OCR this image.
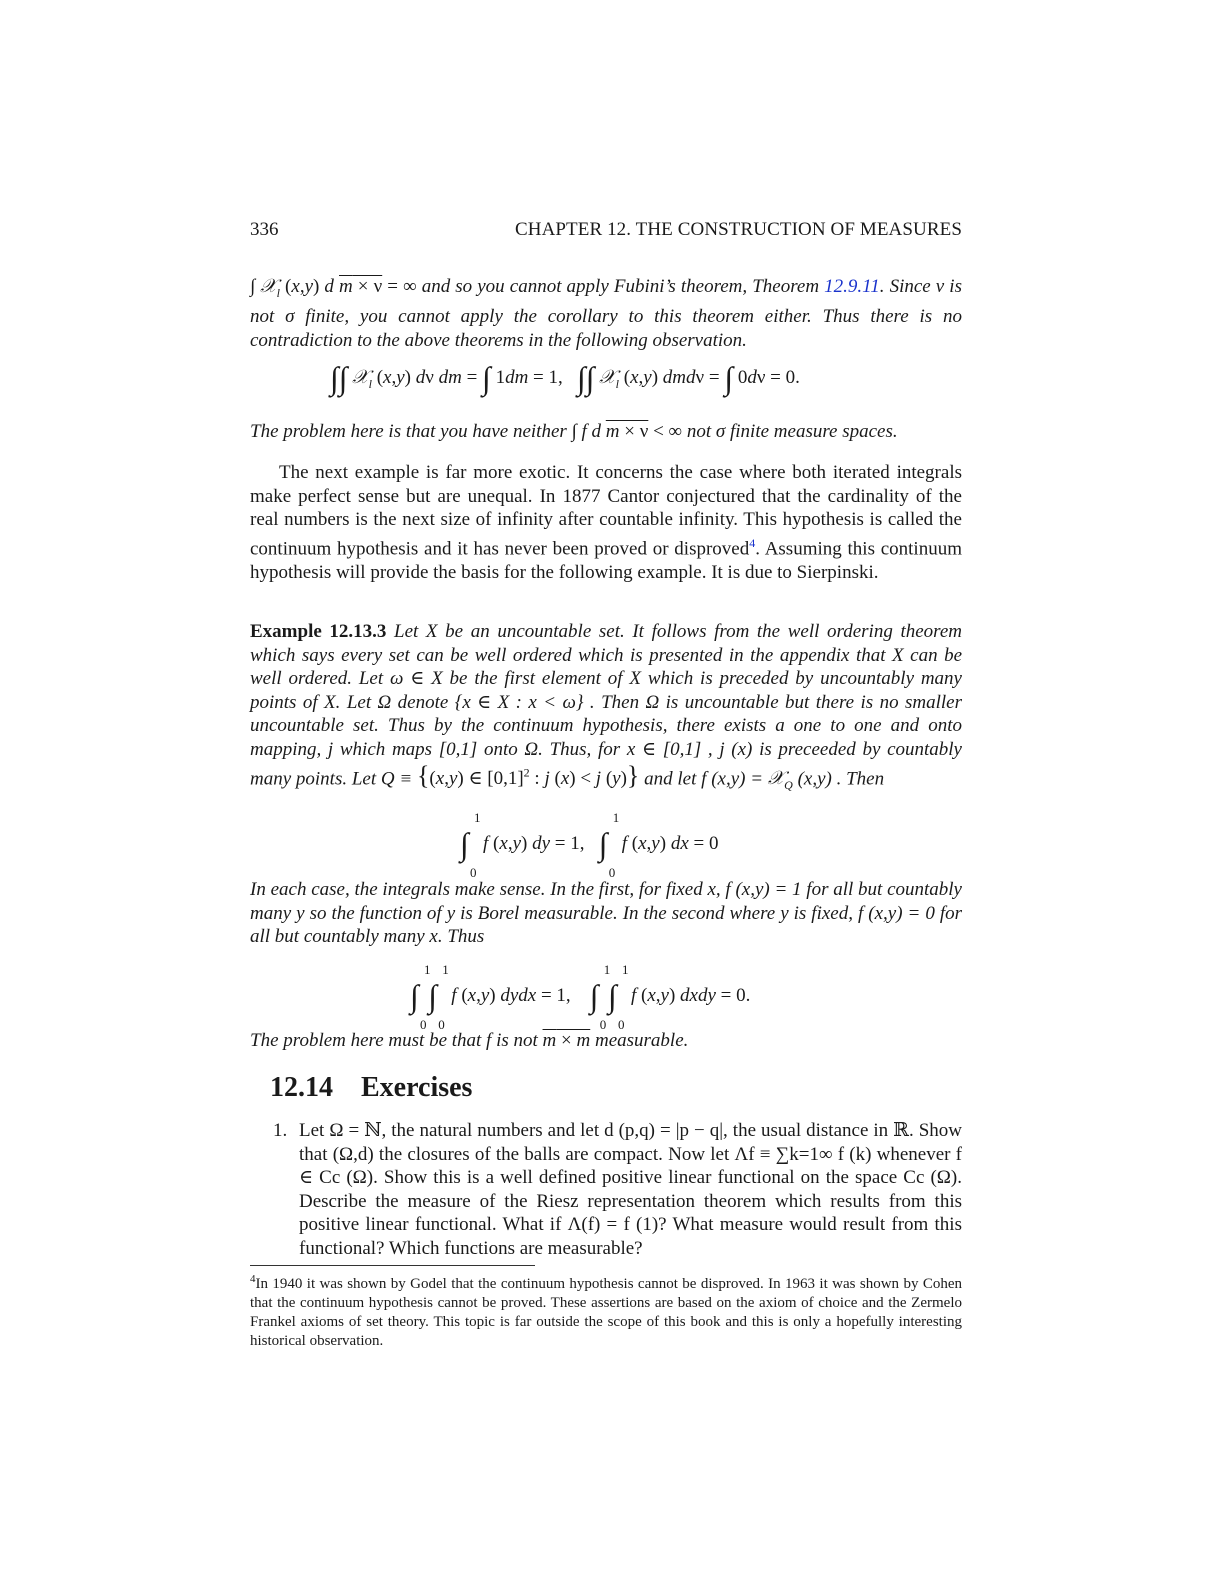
336	CHAPTER 12. THE CONSTRUCTION OF MEASURES

∫ 𝒳$_l$ (x,y) d m × ν = ∞ and so you cannot apply Fubini’s theorem, Theorem 12.9.11. Since ν is not σ finite, you cannot apply the corollary to this theorem either. Thus there is no contradiction to the above theorems in the following observation.

∫∫ 𝒳$_l$ (x,y) dν dm = ∫ 1dm = 1,   ∫∫ 𝒳$_l$ (x,y) dmdν = ∫ 0dν = 0.

The problem here is that you have neither ∫ f d m × ν < ∞ not σ finite measure spaces.

The next example is far more exotic. It concerns the case where both iterated integrals make perfect sense but are unequal. In 1877 Cantor conjectured that the cardinality of the real numbers is the next size of infinity after countable infinity. This hypothesis is called the continuum hypothesis and it has never been proved or disproved$^4$. Assuming this continuum hypothesis will provide the basis for the following example. It is due to Sierpinski.

Example 12.13.3 Let X be an uncountable set. It follows from the well ordering theorem which says every set can be well ordered which is presented in the appendix that X can be well ordered. Let ω ∈ X be the first element of X which is preceded by uncountably many points of X. Let Ω denote {x ∈ X : x < ω} . Then Ω is uncountable but there is no smaller uncountable set. Thus by the continuum hypothesis, there exists a one to one and onto mapping, j which maps [0,1] onto Ω. Thus, for x ∈ [0,1] , j (x) is preceeded by countably many points. Let Q ≡ {(x,y) ∈ $[0,1]^2$ : j (x) < j (y)} and let f (x,y) = 𝒳$_Q$ (x,y) . Then

∫
1
0
f (x,y) dy = 1,   ∫
1
0
f (x,y) dx = 0

In each case, the integrals make sense. In the first, for fixed x, f (x,y) = 1 for all but countably many y so the function of y is Borel measurable. In the second where y is fixed, f (x,y) = 0 for all but countably many x. Thus

∫
1
0
∫
1
0
f (x,y) dydx = 1,    ∫
1
0
∫
1
0
f (x,y) dxdy = 0.

The problem here must be that f is not m × m measurable.

12.14 Exercises
1. Let Ω = ℕ, the natural numbers and let d (p,q) = |p − q|, the usual distance in ℝ. Show that (Ω,d) the closures of the balls are compact. Now let Λf ≡ ∑k=1∞ f (k) whenever f ∈ Cc (Ω). Show this is a well defined positive linear functional on the space Cc (Ω). Describe the measure of the Riesz representation theorem which results from this positive linear functional. What if Λ(f) = f (1)? What measure would result from this functional? Which functions are measurable?
$^4$In 1940 it was shown by Godel that the continuum hypothesis cannot be disproved. In 1963 it was shown by Cohen that the continuum hypothesis cannot be proved. These assertions are based on the axiom of choice and the Zermelo Frankel axioms of set theory. This topic is far outside the scope of this book and this is only a hopefully interesting historical observation.
